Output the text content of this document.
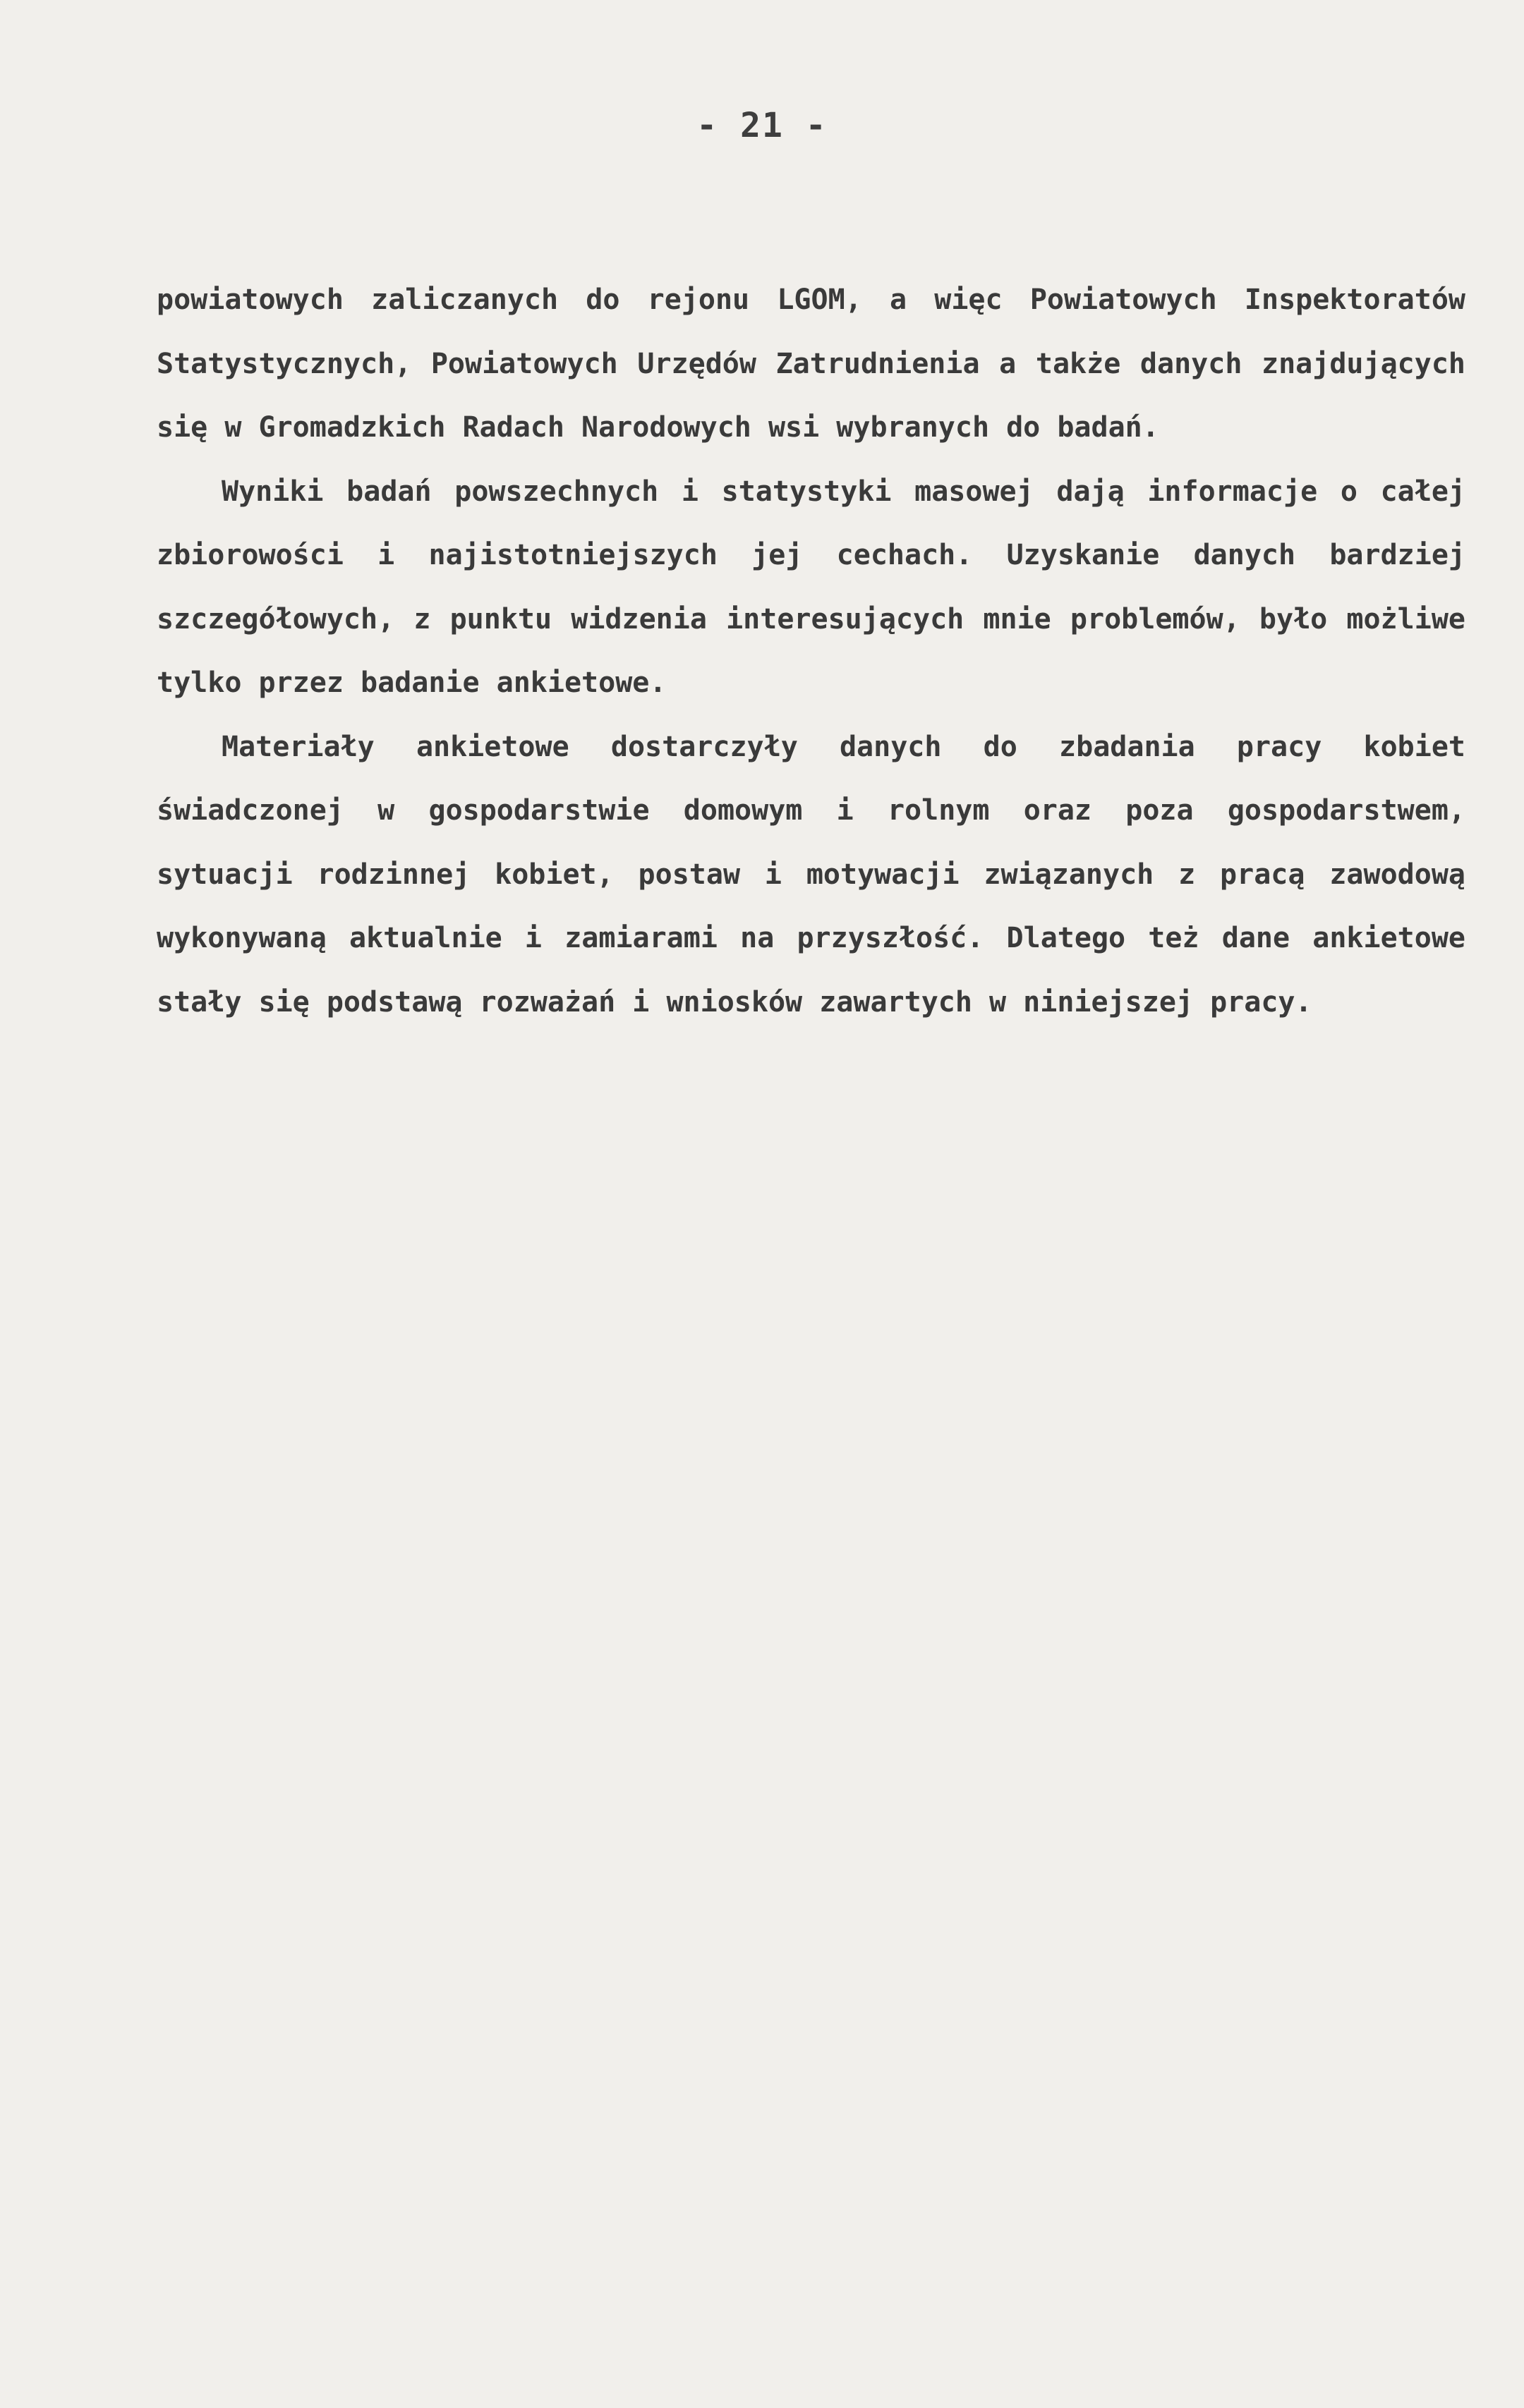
- 21 -

powiatowych zaliczanych do rejonu LGOM, a więc Powiatowych Inspektoratów Statystycznych, Powiatowych Urzędów Zatrudnienia a także danych znajdujących się w Gromadzkich Radach Narodowych wsi wybranych do badań.

Wyniki badań powszechnych i statystyki masowej dają informacje o całej zbiorowości i najistotniejszych jej cechach. Uzyskanie danych bardziej szczegółowych, z punktu widzenia interesujących mnie problemów, było możliwe tylko przez badanie ankietowe.

Materiały ankietowe dostarczyły danych do zbadania pracy kobiet świadczonej w gospodarstwie domowym i rolnym oraz poza gospodarstwem, sytuacji rodzinnej kobiet, postaw i motywacji związanych z pracą zawodową wykonywaną aktualnie i zamiarami na przyszłość. Dlatego też dane ankietowe stały się podstawą rozważań i wniosków zawartych w niniejszej pracy.
